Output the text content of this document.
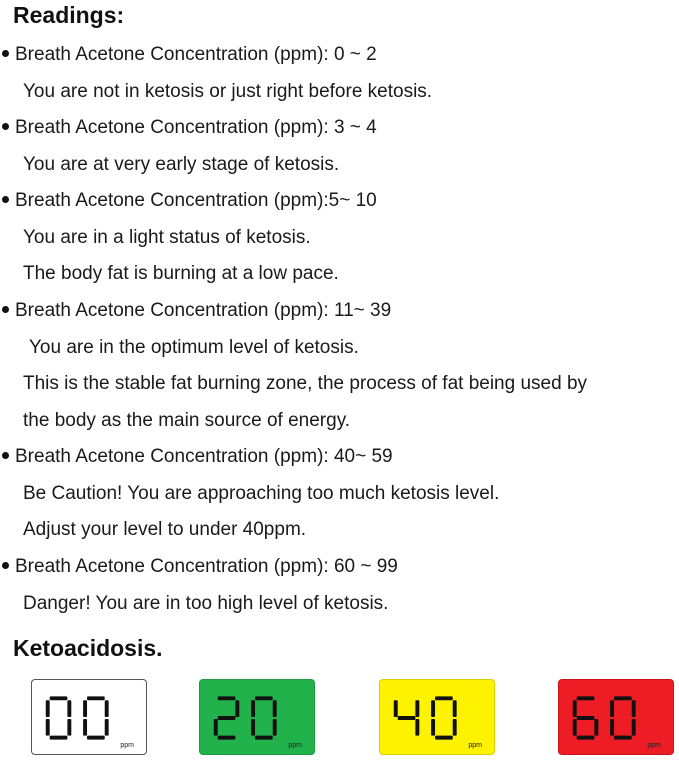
Readings:
Breath Acetone Concentration (ppm): 0 ~ 2
You are not in ketosis or just right before ketosis.
Breath Acetone Concentration (ppm): 3 ~ 4
You are at very early stage of ketosis.
Breath Acetone Concentration (ppm):5~ 10
You are in a light status of ketosis.
The body fat is burning at a low pace.
Breath Acetone Concentration (ppm): 11~ 39
You are in the optimum level of ketosis.
This is the stable fat burning zone, the process of fat being used by
the body as the main source of energy.
Breath Acetone Concentration (ppm): 40~ 59
Be Caution! You are approaching too much ketosis level.
Adjust your level to under 40ppm.
Breath Acetone Concentration (ppm): 60 ~ 99
Danger! You are in too high level of ketosis.
Ketoacidosis.
ppm	ppm	ppm	ppm
